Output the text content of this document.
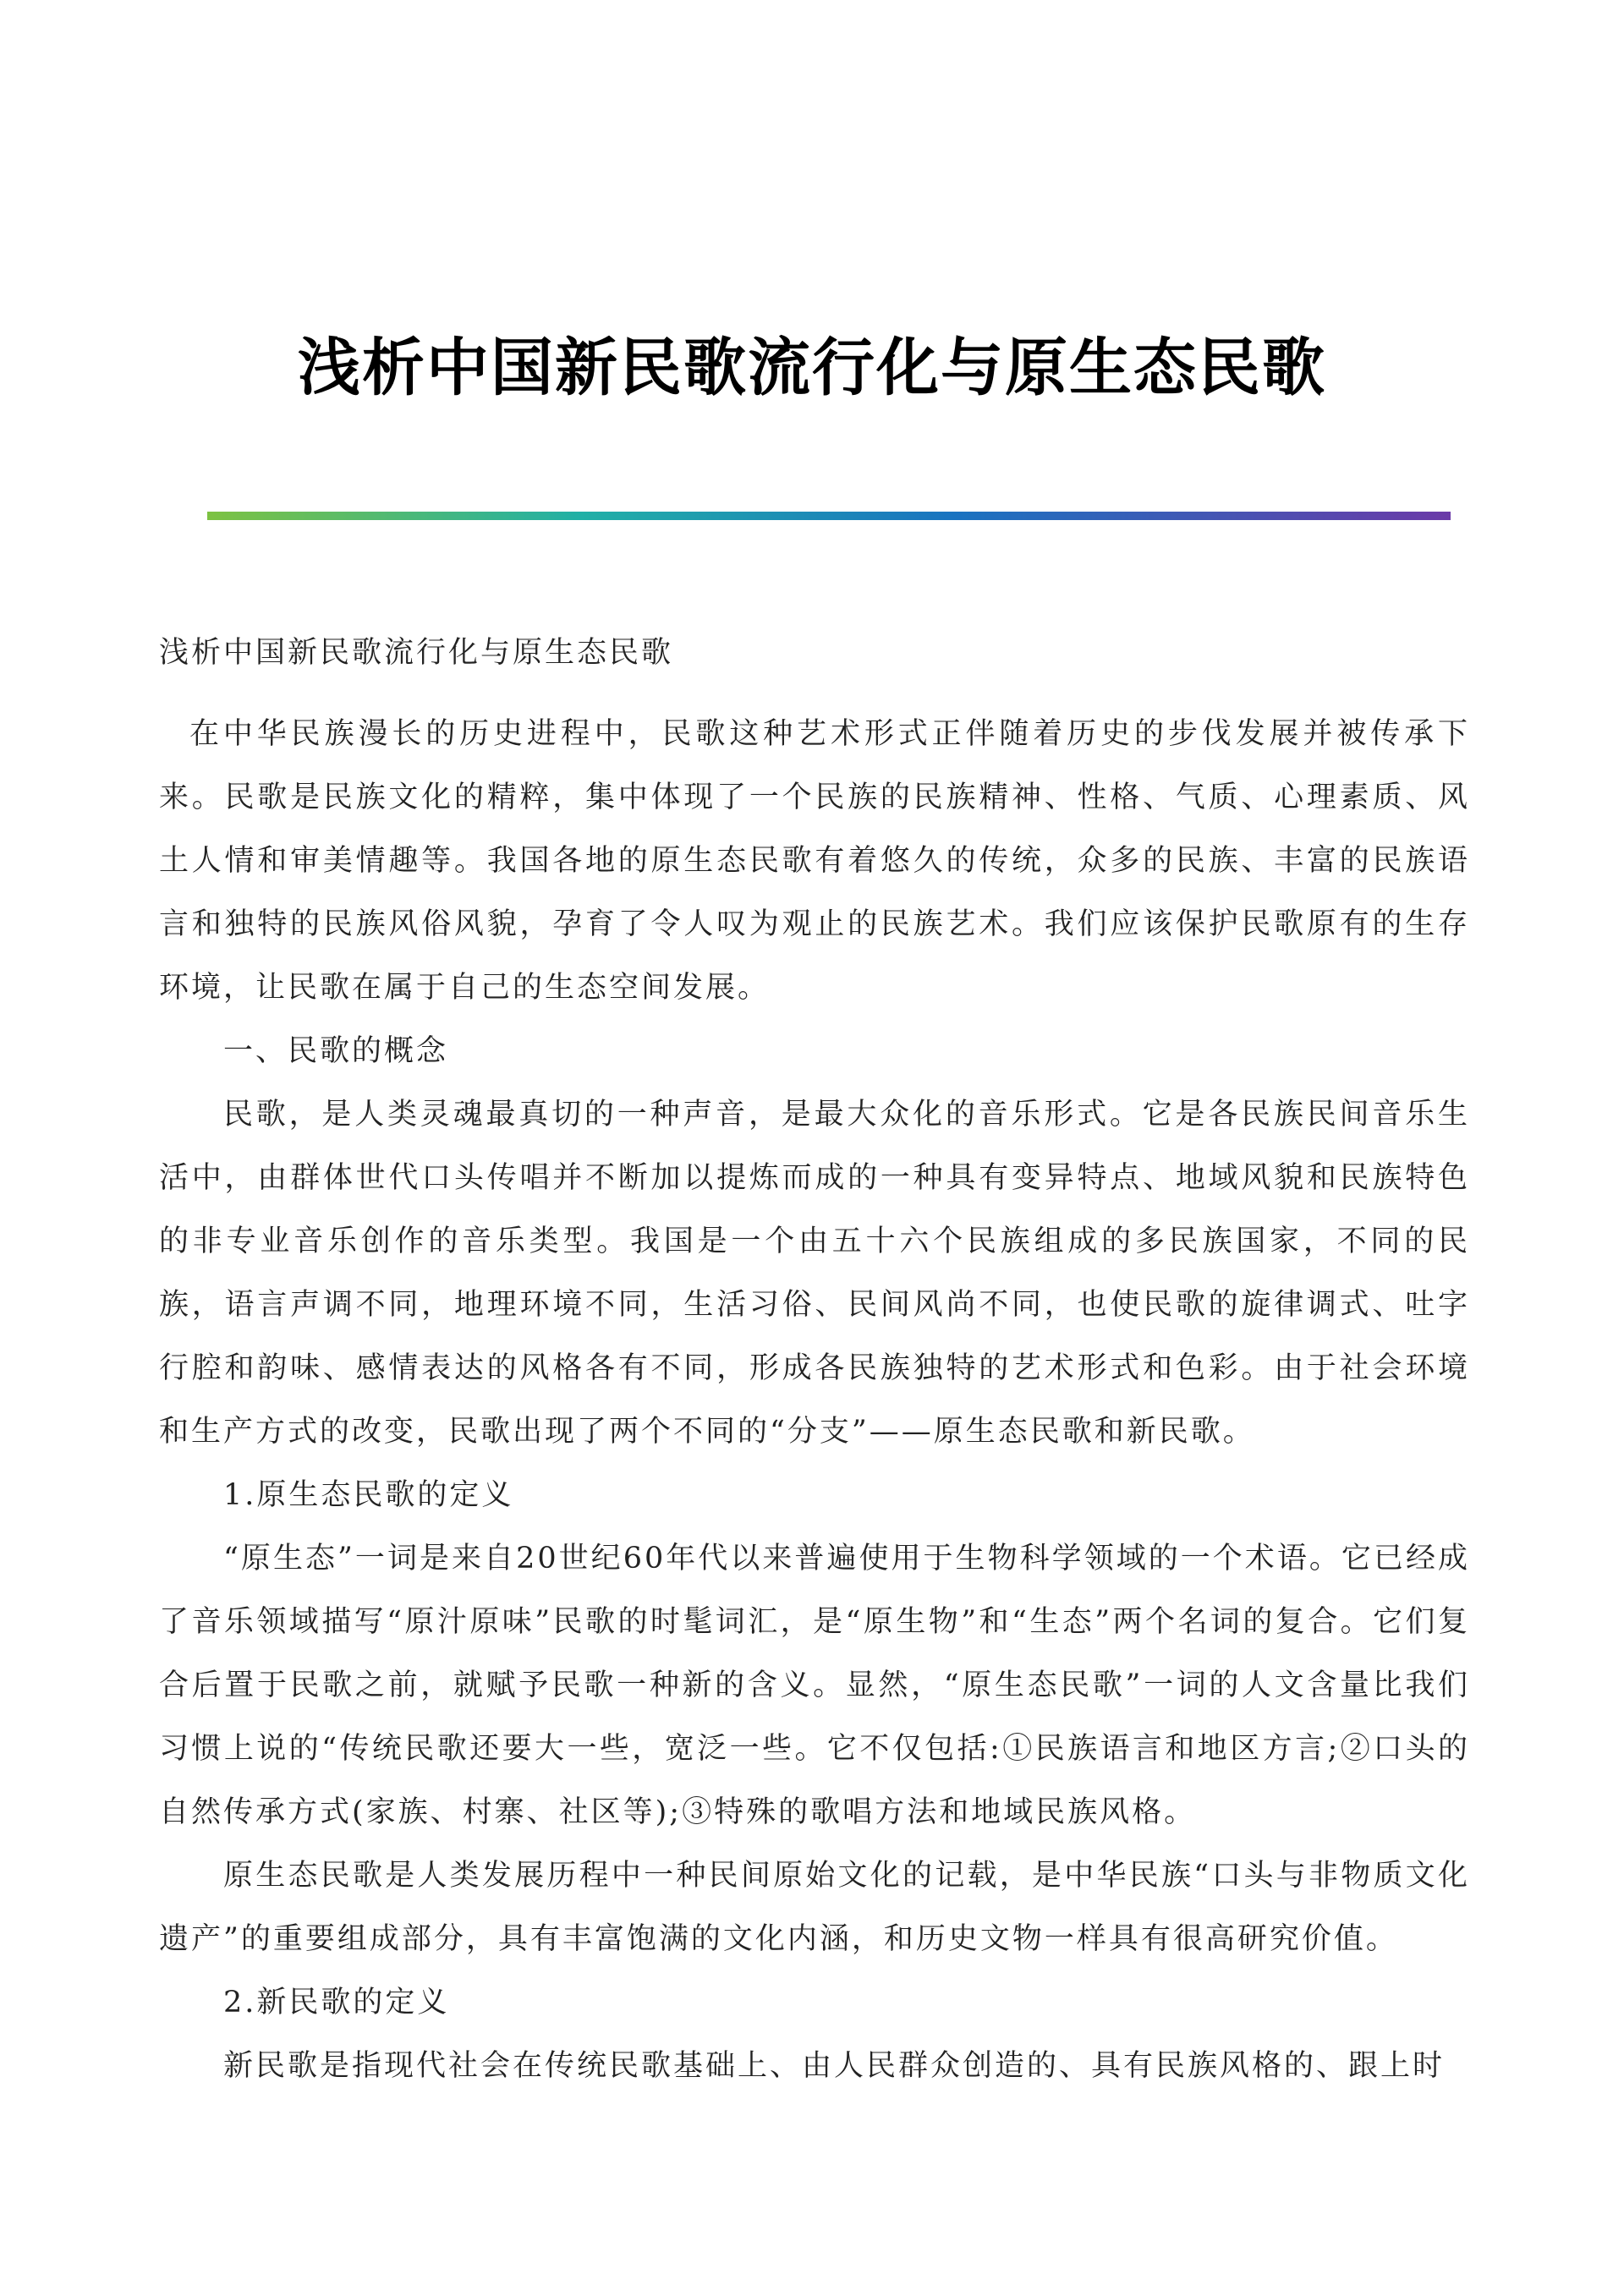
浅析中国新民歌流行化与原生态民歌

浅析中国新民歌流行化与原生态民歌

在中华民族漫长的历史进程中，民歌这种艺术形式正伴随着历史的步伐发展并被传承下来。民歌是民族文化的精粹，集中体现了一个民族的民族精神、性格、气质、心理素质、风土人情和审美情趣等。我国各地的原生态民歌有着悠久的传统，众多的民族、丰富的民族语言和独特的民族风俗风貌，孕育了令人叹为观止的民族艺术。我们应该保护民歌原有的生存环境，让民歌在属于自己的生态空间发展。

一、民歌的概念

民歌，是人类灵魂最真切的一种声音，是最大众化的音乐形式。它是各民族民间音乐生活中，由群体世代口头传唱并不断加以提炼而成的一种具有变异特点、地域风貌和民族特色的非专业音乐创作的音乐类型。我国是一个由五十六个民族组成的多民族国家，不同的民族，语言声调不同，地理环境不同，生活习俗、民间风尚不同，也使民歌的旋律调式、吐字行腔和韵味、感情表达的风格各有不同，形成各民族独特的艺术形式和色彩。由于社会环境和生产方式的改变，民歌出现了两个不同的“分支”——原生态民歌和新民歌。

1.原生态民歌的定义

“原生态”一词是来自20世纪60年代以来普遍使用于生物科学领域的一个术语。它已经成了音乐领域描写“原汁原味”民歌的时髦词汇，是“原生物”和“生态”两个名词的复合。它们复合后置于民歌之前，就赋予民歌一种新的含义。显然，“原生态民歌”一词的人文含量比我们习惯上说的“传统民歌还要大一些，宽泛一些。它不仅包括:①民族语言和地区方言;②口头的自然传承方式(家族、村寨、社区等);③特殊的歌唱方法和地域民族风格。

原生态民歌是人类发展历程中一种民间原始文化的记载，是中华民族“口头与非物质文化遗产”的重要组成部分，具有丰富饱满的文化内涵，和历史文物一样具有很高研究价值。

2.新民歌的定义

新民歌是指现代社会在传统民歌基础上、由人民群众创造的、具有民族风格的、跟上时
